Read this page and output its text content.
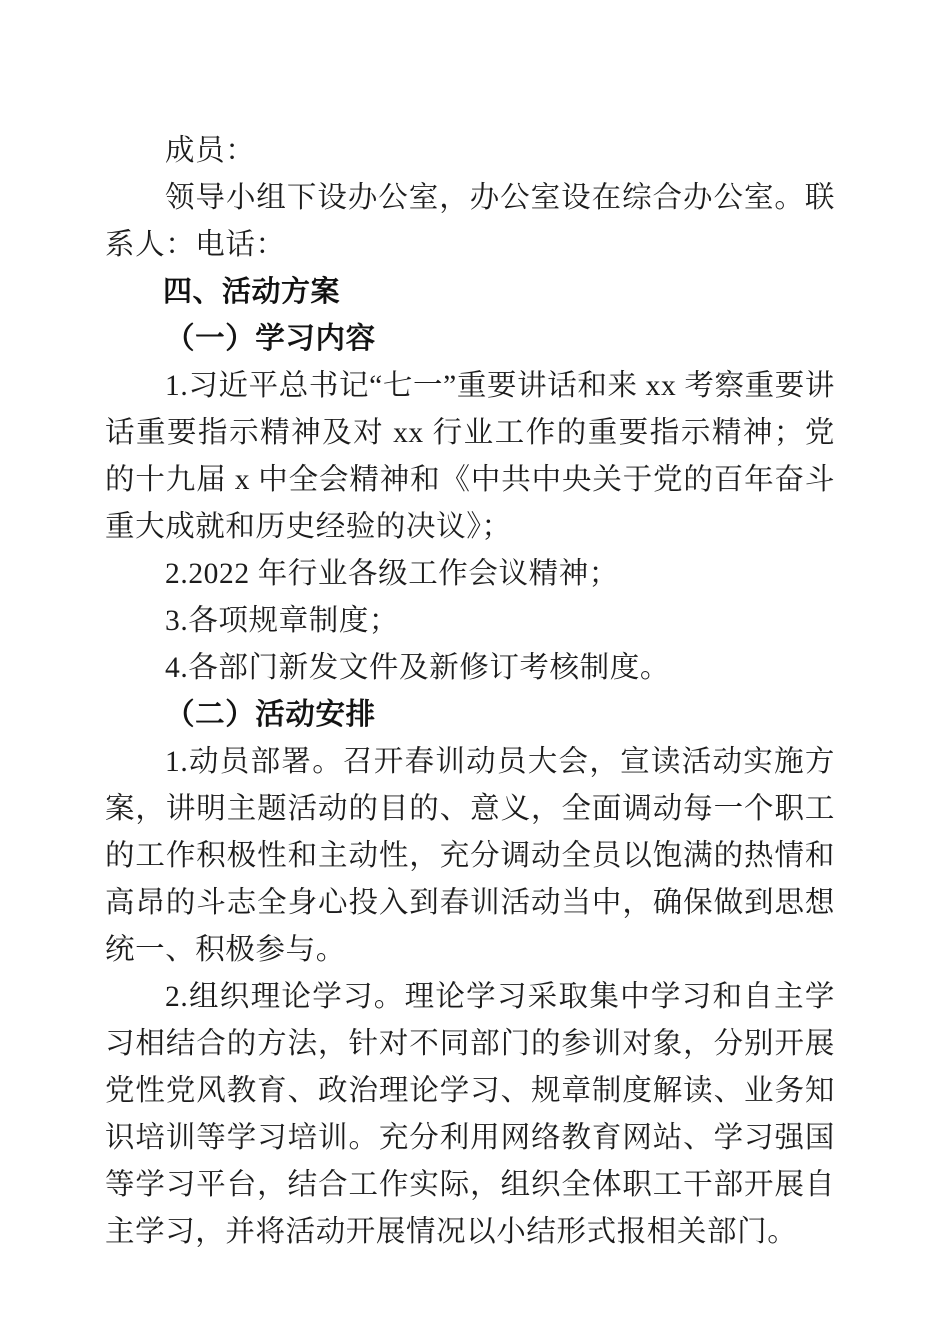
成员：

领导小组下设办公室，办公室设在综合办公室。联系人：电话：

四、活动方案
（一）学习内容

1.习近平总书记“七一”重要讲话和来 xx 考察重要讲话重要指示精神及对 xx 行业工作的重要指示精神；党的十九届 x 中全会精神和《中共中央关于党的百年奋斗重大成就和历史经验的决议》；

2.2022 年行业各级工作会议精神；

3.各项规章制度；

4.各部门新发文件及新修订考核制度。

（二）活动安排

1.动员部署。召开春训动员大会，宣读活动实施方案，讲明主题活动的目的、意义，全面调动每一个职工的工作积极性和主动性，充分调动全员以饱满的热情和高昂的斗志全身心投入到春训活动当中，确保做到思想统一、积极参与。

2.组织理论学习。理论学习采取集中学习和自主学习相结合的方法，针对不同部门的参训对象，分别开展党性党风教育、政治理论学习、规章制度解读、业务知识培训等学习培训。充分利用网络教育网站、学习强国等学习平台，结合工作实际，组织全体职工干部开展自主学习，并将活动开展情况以小结形式报相关部门。
